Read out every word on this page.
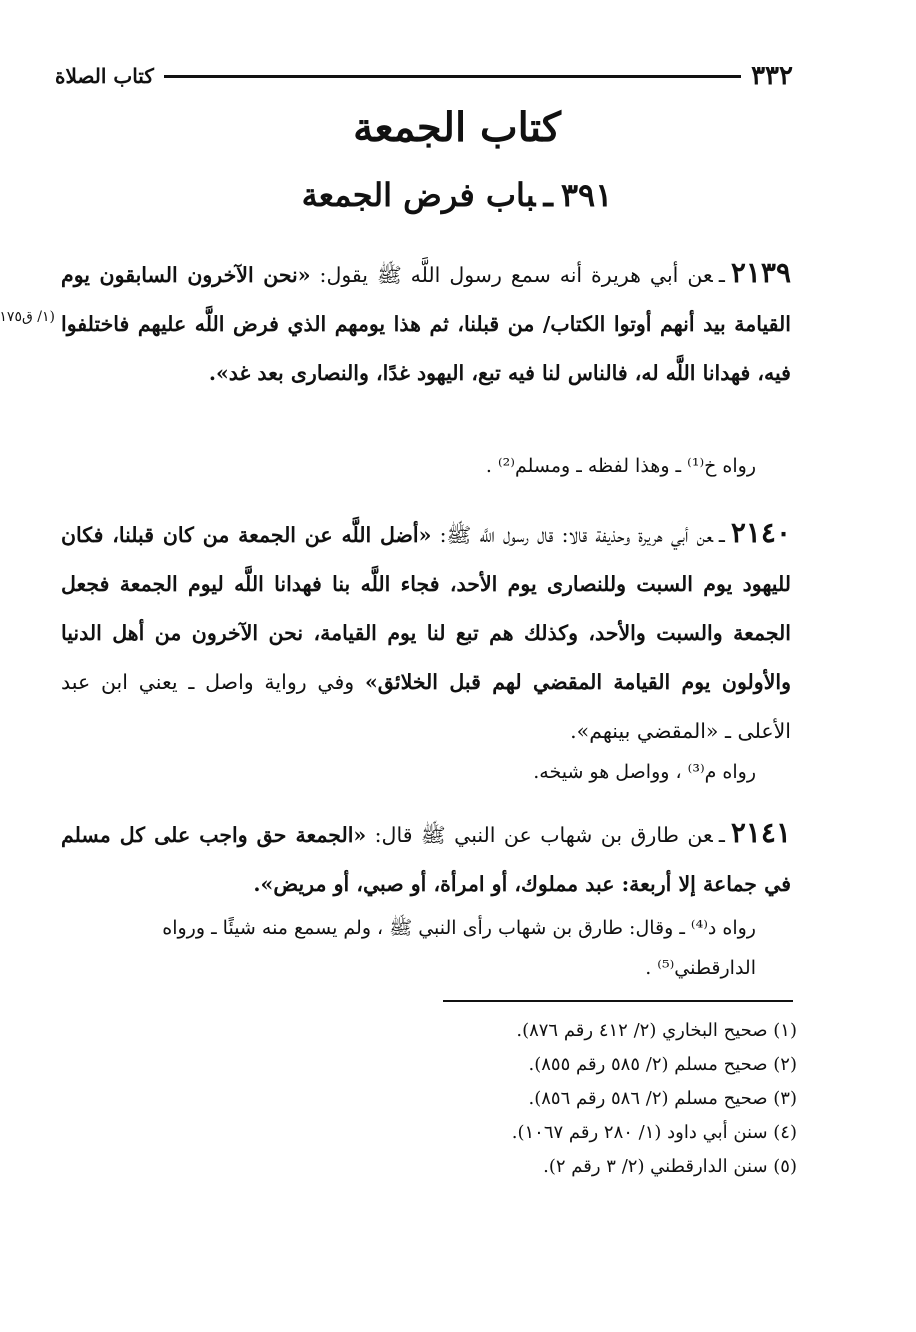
٣٣٢
كتاب الصلاة
كتاب الجمعة
٣٩١ـباب فرض الجمعة
(١/ ق١٧٥
٢١٣٩ـعن أبي هريرة أنه سمع رسول اللَّه ﷺ يقول: «نحن الآخرون السابقون يوم القيامة بيد أنهم أوتوا الكتاب/ من قبلنا، ثم هذا يومهم الذي فرض اللَّه عليهم فاختلفوا فيه، فهدانا اللَّه له، فالناس لنا فيه تبع، اليهود غدًا، والنصارى بعد غد».
رواه خ⁽¹⁾ ـ وهذا لفظه ـ ومسلم⁽²⁾ .
٢١٤٠ـعن أبي هريرة وحذيفة قالا: قال رسول اللَّه ﷺ: «أضل اللَّه عن الجمعة من كان قبلنا، فكان لليهود يوم السبت وللنصارى يوم الأحد، فجاء اللَّه بنا فهدانا اللَّه ليوم الجمعة فجعل الجمعة والسبت والأحد، وكذلك هم تبع لنا يوم القيامة، نحن الآخرون من أهل الدنيا والأولون يوم القيامة المقضي لهم قبل الخلائق» وفي رواية واصل ـ يعني ابن عبد الأعلى ـ «المقضي بينهم».
رواه م⁽³⁾ ، وواصل هو شيخه.
٢١٤١ـعن طارق بن شهاب عن النبي ﷺ قال: «الجمعة حق واجب على كل مسلم في جماعة إلا أربعة: عبد مملوك، أو امرأة، أو صبي، أو مريض».
رواه د⁽⁴⁾ ـ وقال: طارق بن شهاب رأى النبي ﷺ ، ولم يسمع منه شيئًا ـ ورواه الدارقطني⁽⁵⁾ .
(١) صحيح البخاري (٢/ ٤١٢ رقم ٨٧٦).
(٢) صحيح مسلم (٢/ ٥٨٥ رقم ٨٥٥).
(٣) صحيح مسلم (٢/ ٥٨٦ رقم ٨٥٦).
(٤) سنن أبي داود (١/ ٢٨٠ رقم ١٠٦٧).
(٥) سنن الدارقطني (٢/ ٣ رقم ٢).
